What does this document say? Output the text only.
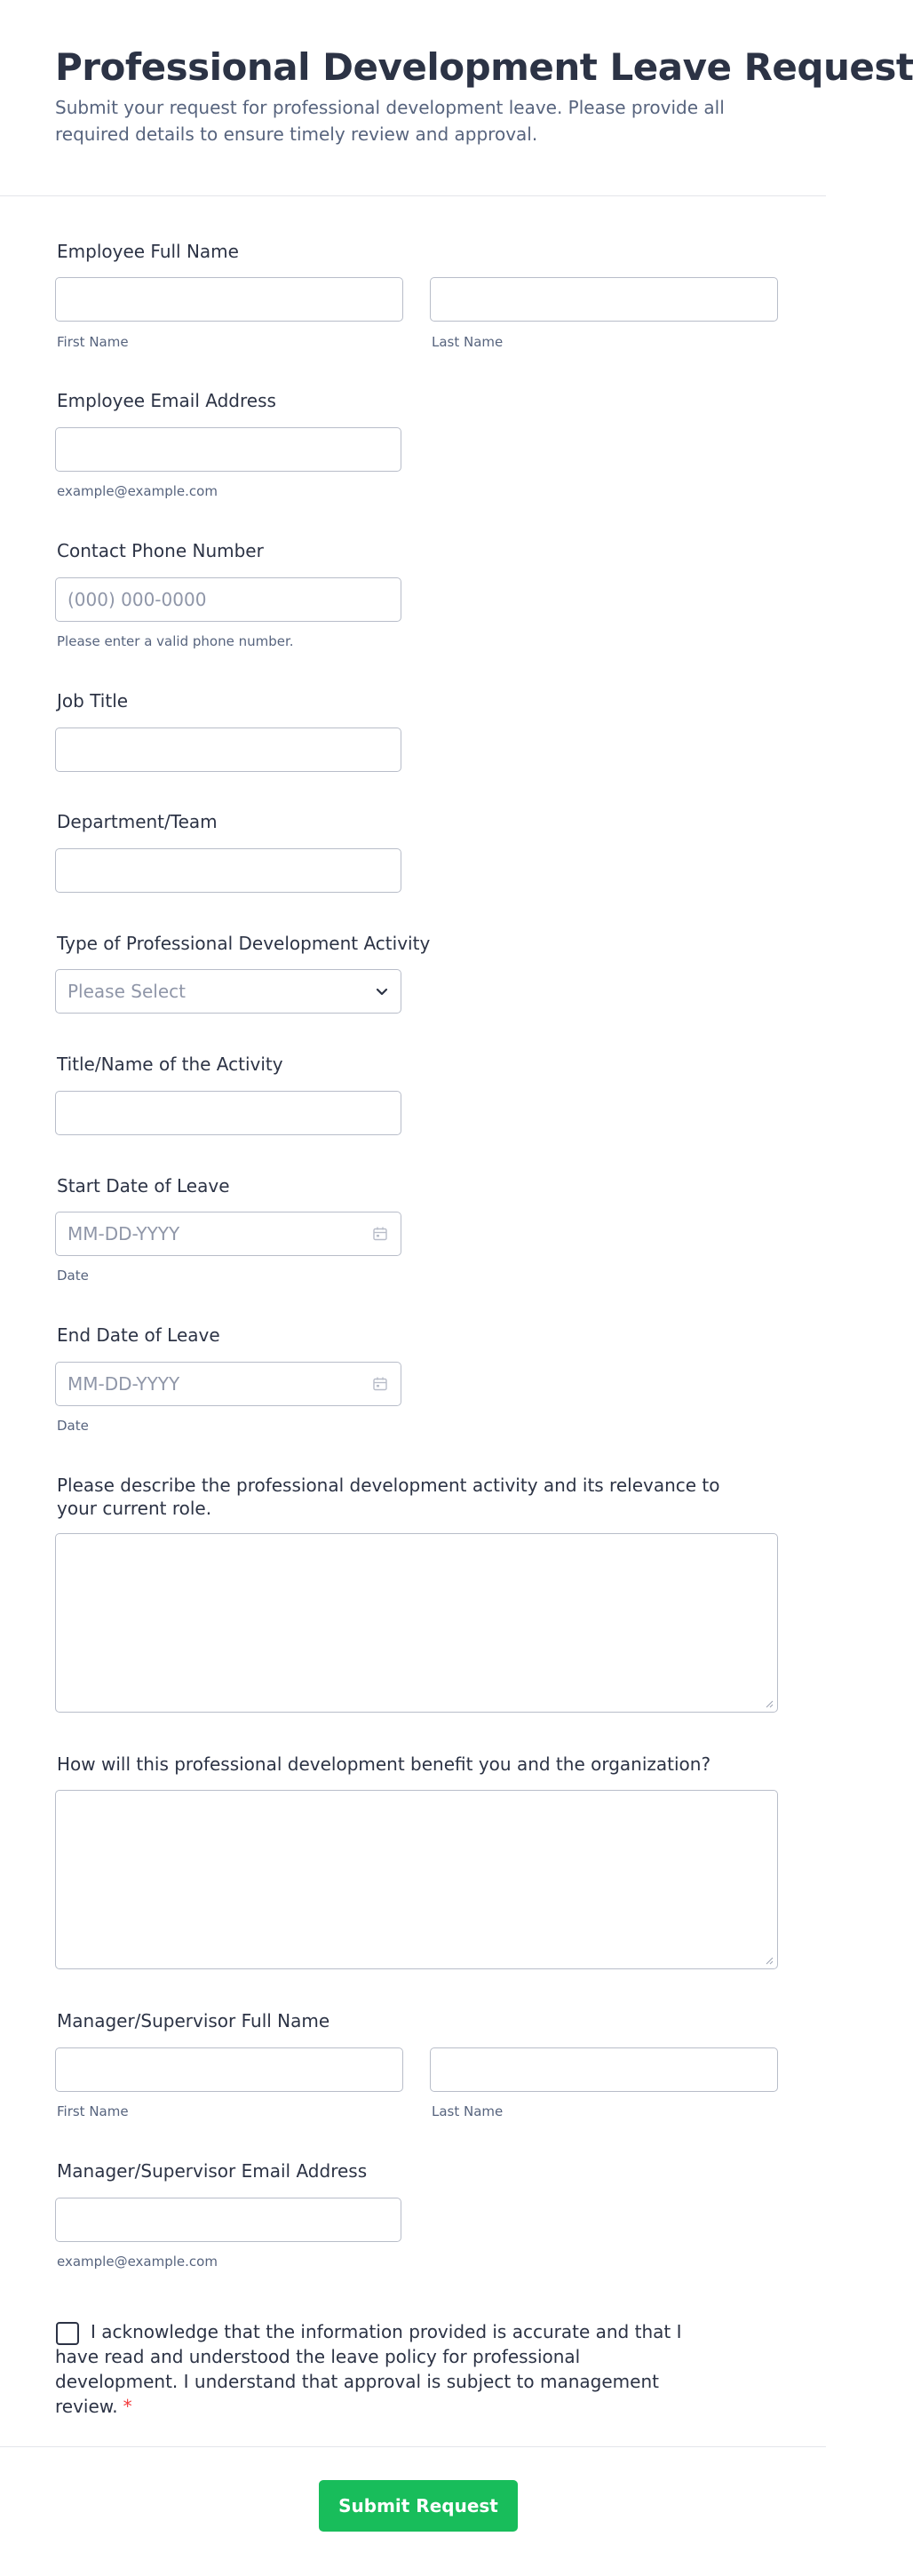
Professional Development Leave Request

Submit your request for professional development leave. Please provide all required details to ensure timely review and approval.

Employee Full Name
First Name	Last Name
Employee Email Address
example@example.com
Contact Phone Number
(000) 000-0000
Please enter a valid phone number.
Job Title
Department/Team
Type of Professional Development Activity
Please Select
Title/Name of the Activity
Start Date of Leave
MM-DD-YYYY
Date
End Date of Leave
MM-DD-YYYY
Date
Please describe the professional development activity and its relevance to your current role.
How will this professional development benefit you and the organization?
Manager/Supervisor Full Name
First Name	Last Name
Manager/Supervisor Email Address
example@example.com
I acknowledge that the information provided is accurate and that I have read and understood the leave policy for professional development. I understand that approval is subject to management review. *
Submit Request
